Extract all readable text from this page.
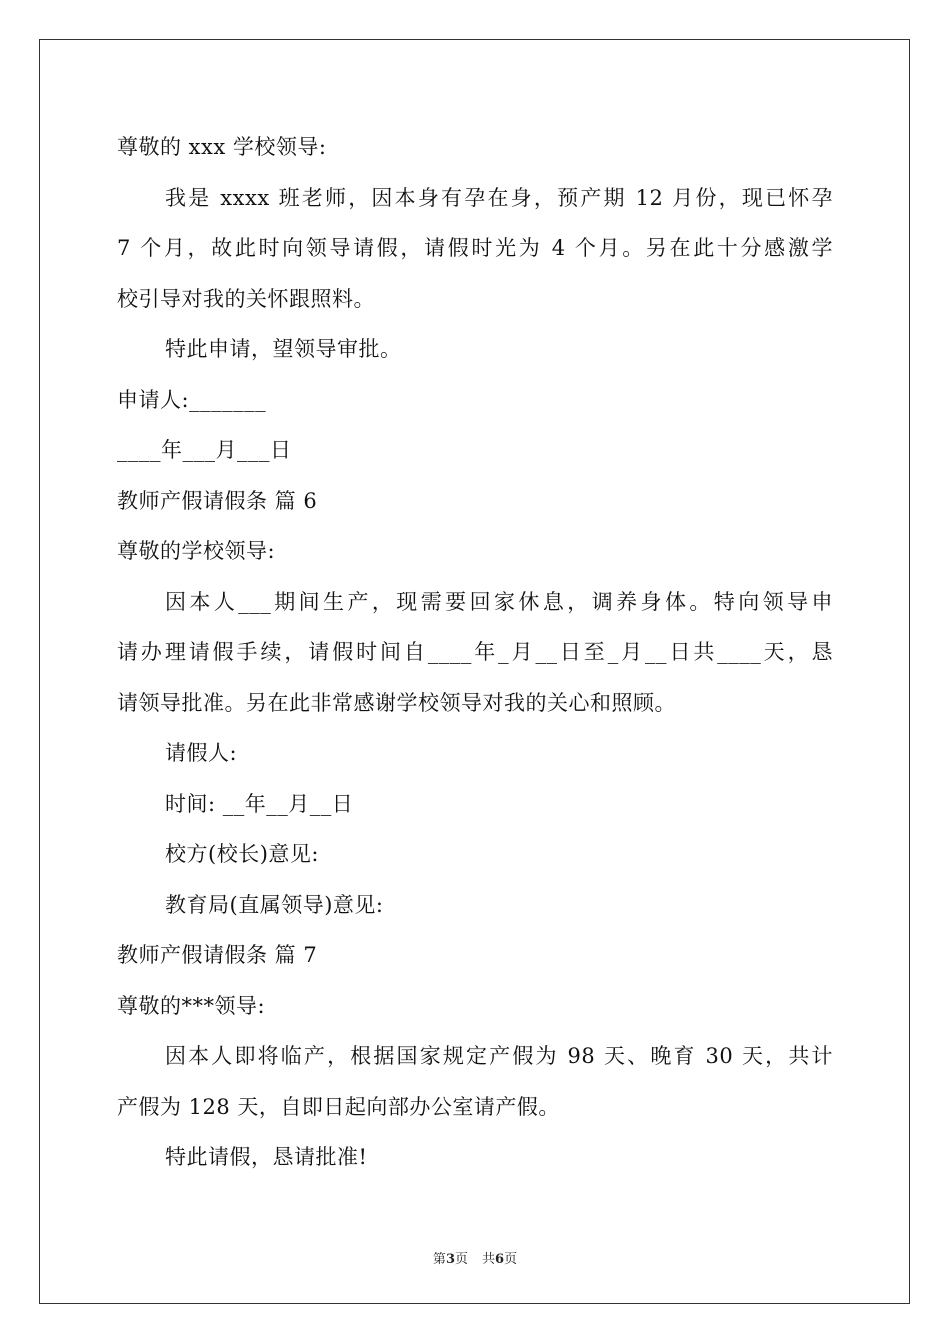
尊敬的 xxx 学校领导:
我是 xxxx 班老师，因本身有孕在身，预产期 12 月份，现已怀孕
7 个月，故此时向领导请假，请假时光为 4 个月。另在此十分感激学
校引导对我的关怀跟照料。
特此申请，望领导审批。
申请人:_______
____年___月___日
教师产假请假条 篇 6
尊敬的学校领导:
因本人___期间生产，现需要回家休息，调养身体。特向领导申
请办理请假手续，请假时间自____年_月__日至_月__日共____天，恳
请领导批准。另在此非常感谢学校领导对我的关心和照顾。
请假人:
时间: __年__月__日
校方(校长)意见:
教育局(直属领导)意见:
教师产假请假条 篇 7
尊敬的***领导:
因本人即将临产，根据国家规定产假为 98 天、晚育 30 天，共计
产假为 128 天，自即日起向部办公室请产假。
特此请假，恳请批准!
第3页 共6页
